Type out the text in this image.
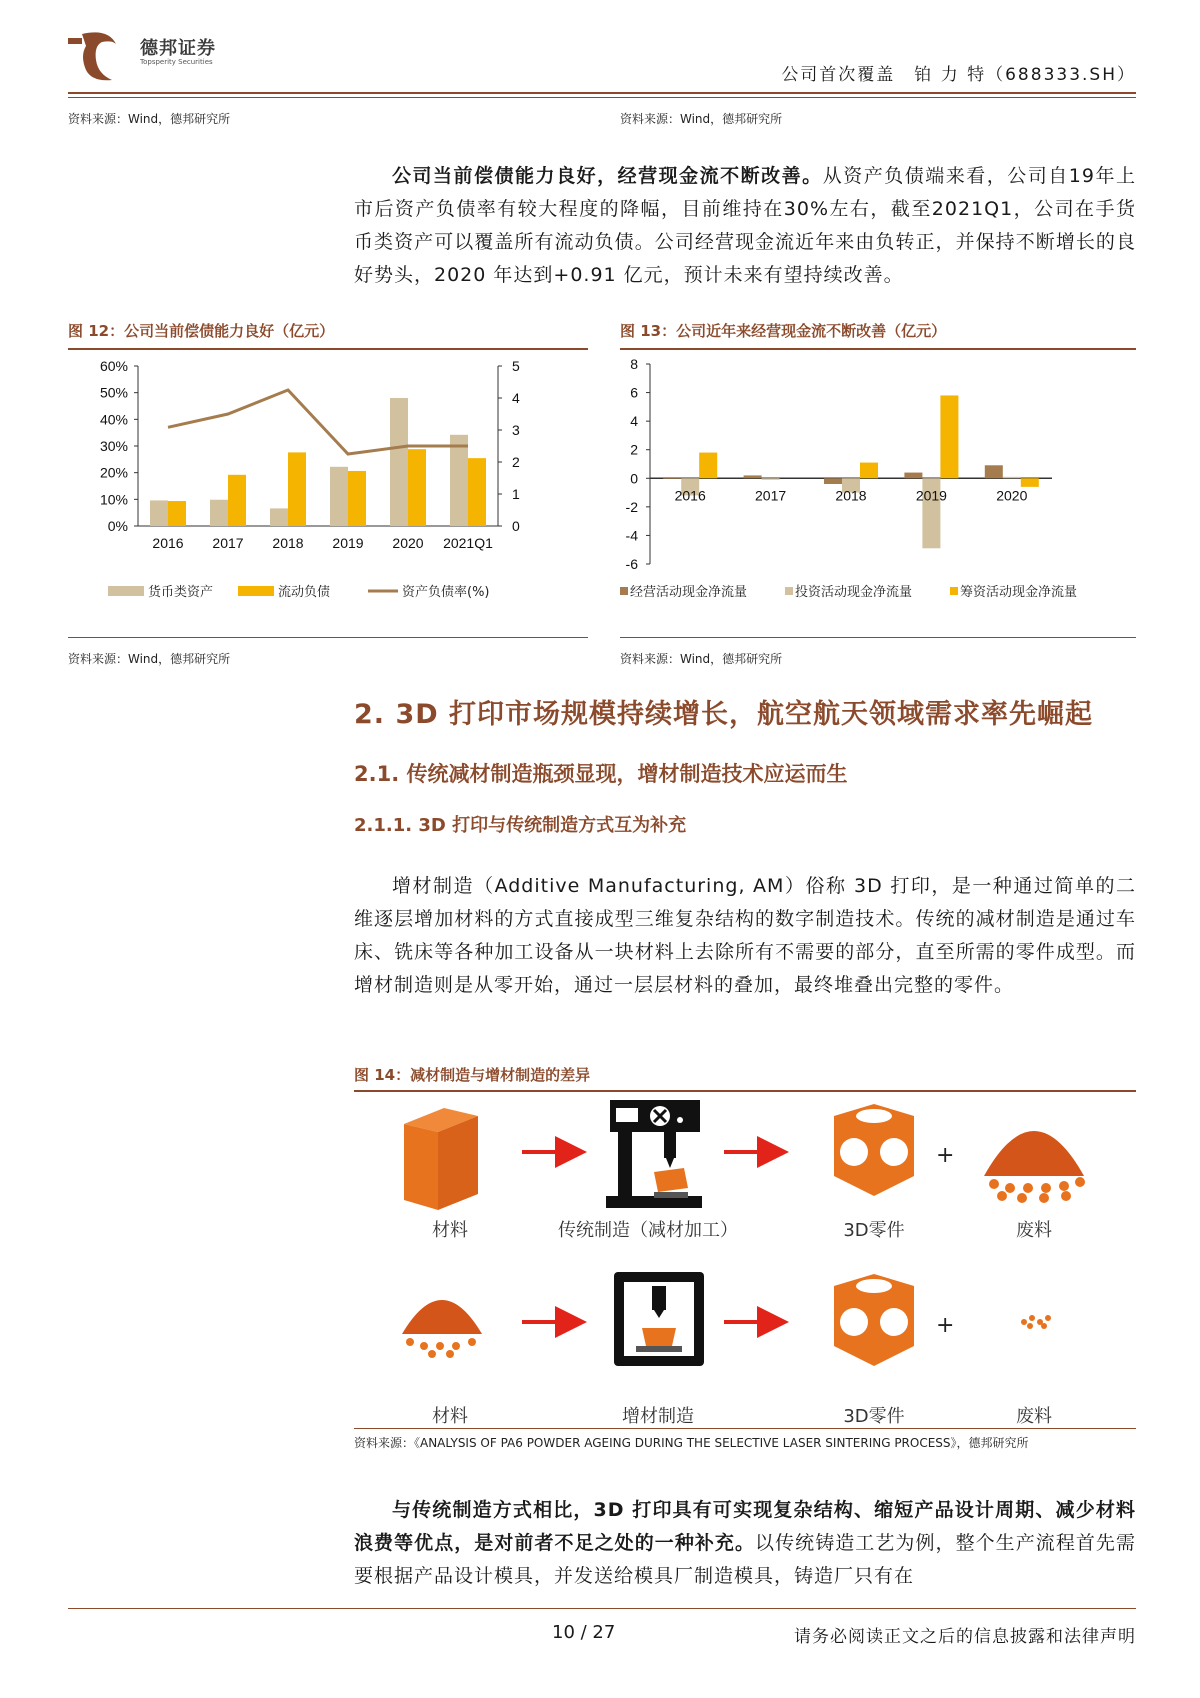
德邦证券
Topsperity Securities
公司首次覆盖　铂 力 特（688333.SH）
资料来源：Wind，德邦研究所	资料来源：Wind，德邦研究所
公司当前偿债能力良好，经营现金流不断改善。从资产负债端来看，公司自19年上市后资产负债率有较大程度的降幅，目前维持在30%左右，截至2021Q1，公司在手货币类资产可以覆盖所有流动负债。公司经营现金流近年来由负转正，并保持不断增长的良好势头，2020 年达到+0.91 亿元，预计未来有望持续改善。
图 12：公司当前偿债能力良好（亿元）
60%
50%
40%
30%
20%
10%
0%
5
4
3
2
1
0
2016 2017 2018 2019 2020 2021Q1
货币类资产	流动负债	资产负债率(%)
资料来源：Wind，德邦研究所
图 13：公司近年来经营现金流不断改善（亿元）
8
6
4
2
0
-2
-4
-6
2016	2017	2018	2019	2020
经营活动现金净流量	投资活动现金净流量	筹资活动现金净流量
资料来源：Wind，德邦研究所
2. 3D 打印市场规模持续增长，航空航天领域需求率先崛起
2.1. 传统减材制造瓶颈显现，增材制造技术应运而生
2.1.1. 3D 打印与传统制造方式互为补充
增材制造（Additive Manufacturing, AM）俗称 3D 打印，是一种通过简单的二维逐层增加材料的方式直接成型三维复杂结构的数字制造技术。传统的减材制造是通过车床、铣床等各种加工设备从一块材料上去除所有不需要的部分，直至所需的零件成型。而增材制造则是从零开始，通过一层层材料的叠加，最终堆叠出完整的零件。
图 14：减材制造与增材制造的差异
+
+
材料	传统制造（减材加工）	3D零件	废料
材料	增材制造	3D零件	废料
资料来源：《ANALYSIS OF PA6 POWDER AGEING DURING THE SELECTIVE LASER SINTERING PROCESS》，德邦研究所
与传统制造方式相比，3D 打印具有可实现复杂结构、缩短产品设计周期、减少材料浪费等优点，是对前者不足之处的一种补充。以传统铸造工艺为例，整个生产流程首先需要根据产品设计模具，并发送给模具厂制造模具，铸造厂只有在
10 / 27	请务必阅读正文之后的信息披露和法律声明
